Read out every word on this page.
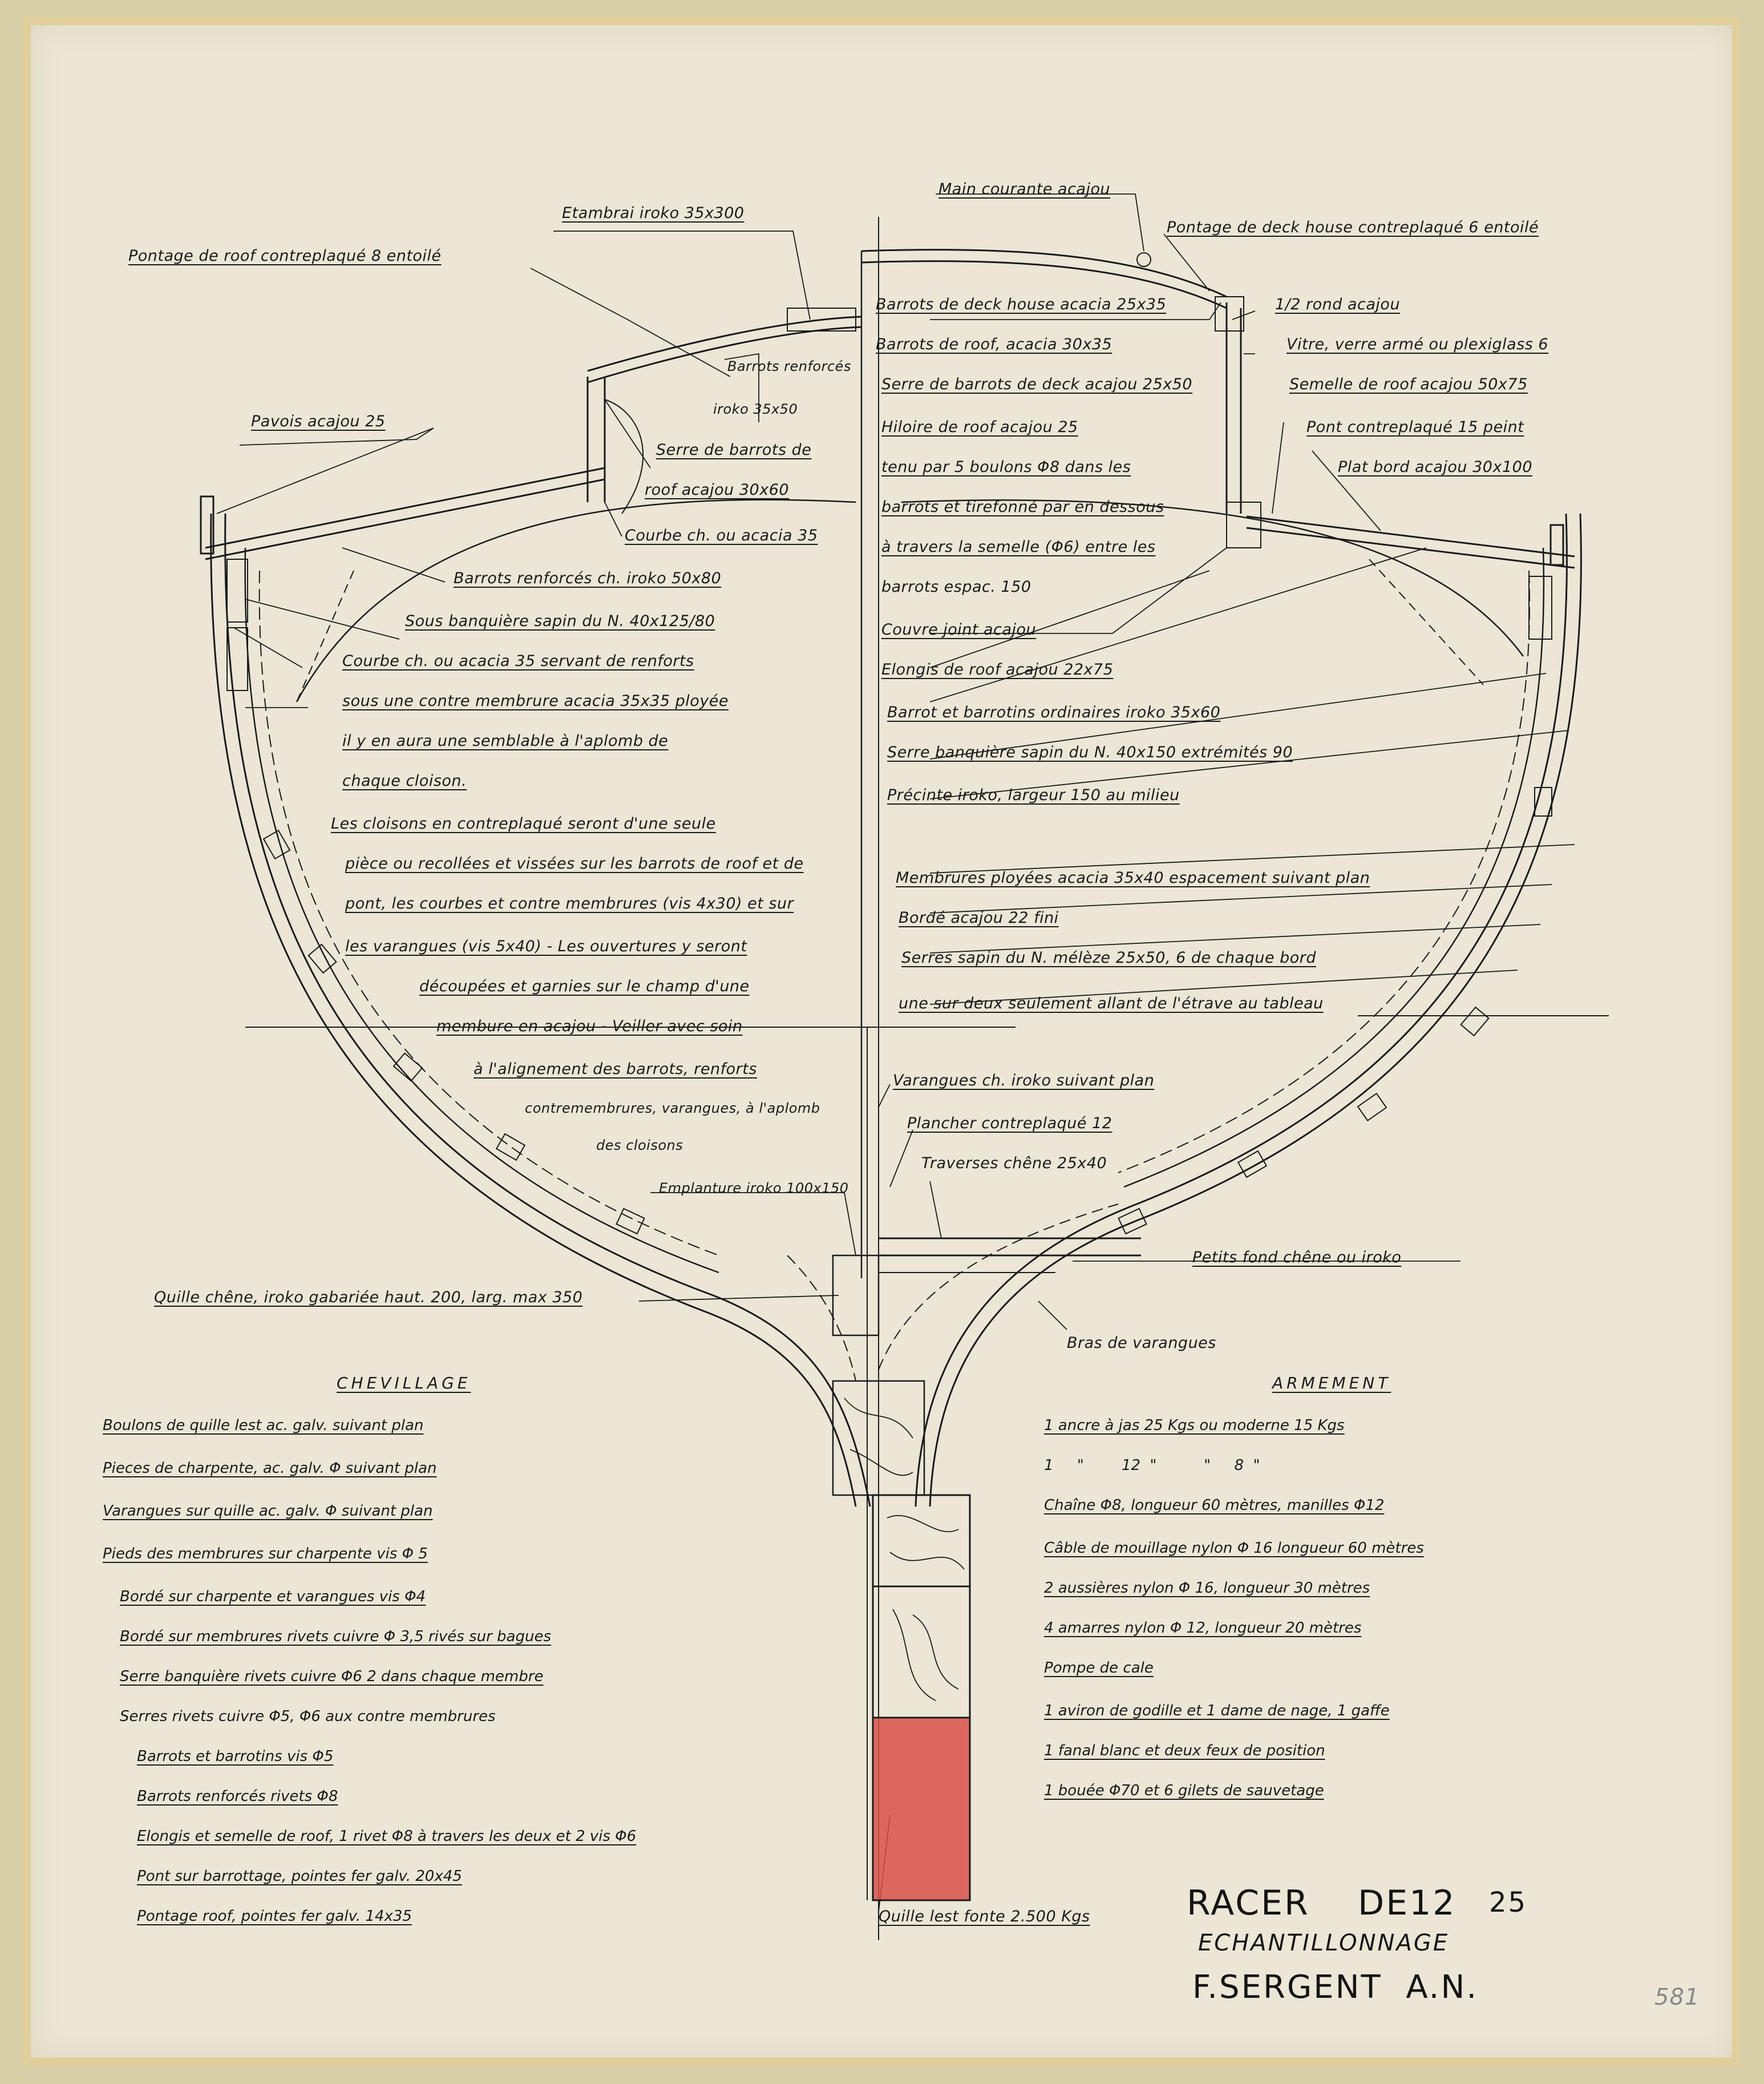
Etambrai iroko 35x300
Pontage de roof contreplaqué 8 entoilé
Barrots renforcés
iroko 35x50
Pavois acajou 25
Serre de barrots de
roof acajou 30x60
Courbe ch. ou acacia 35
Barrots renforcés ch. iroko 50x80
Sous banquière sapin du N. 40x125/80
Courbe ch. ou acacia 35 servant de renforts
sous une contre membrure acacia 35x35 ployée
il y en aura une semblable à l'aplomb de
chaque cloison.
Les cloisons en contreplaqué seront d'une seule
pièce ou recollées et vissées sur les barrots de roof et de
pont, les courbes et contre membrures (vis 4x30) et sur
les varangues (vis 5x40) - Les ouvertures y seront
découpées et garnies sur le champ d'une
membure en acajou - Veiller avec soin
à l'alignement des barrots, renforts
contremembrures, varangues, à l'aplomb
des cloisons
Emplanture iroko 100x150
Quille chêne, iroko gabariée haut. 200, larg. max 350
Main courante acajou
Pontage de deck house contreplaqué 6 entoilé
Barrots de deck house acacia 25x35	1/2 rond acajou
Barrots de roof, acacia 30x35	Vitre, verre armé ou plexiglass 6
Serre de barrots de deck acajou 25x50	Semelle de roof acajou 50x75
Hiloire de roof acajou 25	Pont contreplaqué 15 peint
tenu par 5 boulons Φ8 dans les	Plat bord acajou 30x100
barrots et tirefonné par en dessous
à travers la semelle (Φ6) entre les
barrots espac. 150
Couvre joint acajou
Elongis de roof acajou 22x75
Barrot et barrotins ordinaires iroko 35x60
Serre banquière sapin du N. 40x150 extrémités 90
Précinte iroko, largeur 150 au milieu
Membrures ployées acacia 35x40 espacement suivant plan
Bordé acajou 22 fini
Serres sapin du N. mélèze 25x50, 6 de chaque bord
une sur deux seulement allant de l'étrave au tableau
Varangues ch. iroko suivant plan
Plancher contreplaqué 12
Traverses chêne 25x40
Petits fond chêne ou iroko
Bras de varangues
Quille lest fonte 2.500 Kgs
CHEVILLAGE
Boulons de quille lest ac. galv. suivant plan
Pieces de charpente, ac. galv. Φ suivant plan
Varangues sur quille ac. galv. Φ suivant plan
Pieds des membrures sur charpente vis Φ 5
Bordé sur charpente et varangues vis Φ4
Bordé sur membrures rivets cuivre Φ 3,5 rivés sur bagues
Serre banquière rivets cuivre Φ6 2 dans chaque membre
Serres rivets cuivre Φ5, Φ6 aux contre membrures
Barrots et barrotins vis Φ5
Barrots renforcés rivets Φ8
Elongis et semelle de roof, 1 rivet Φ8 à travers les deux et 2 vis Φ6
Pont sur barrottage, pointes fer galv. 20x45
Pontage roof, pointes fer galv. 14x35
ARMEMENT
1 ancre à jas 25 Kgs ou moderne 15 Kgs
1     "        12  "          "     8  "
Chaîne Φ8, longueur 60 mètres, manilles Φ12
Câble de mouillage nylon Φ 16 longueur 60 mètres
2 aussières nylon Φ 16, longueur 30 mètres
4 amarres nylon Φ 12, longueur 20 mètres
Pompe de cale
1 aviron de godille et 1 dame de nage, 1 gaffe
1 fanal blanc et deux feux de position
1 bouée Φ70 et 6 gilets de sauvetage
RACER DE12 25
ECHANTILLONNAGE
F.SERGENT  A.N.	581
